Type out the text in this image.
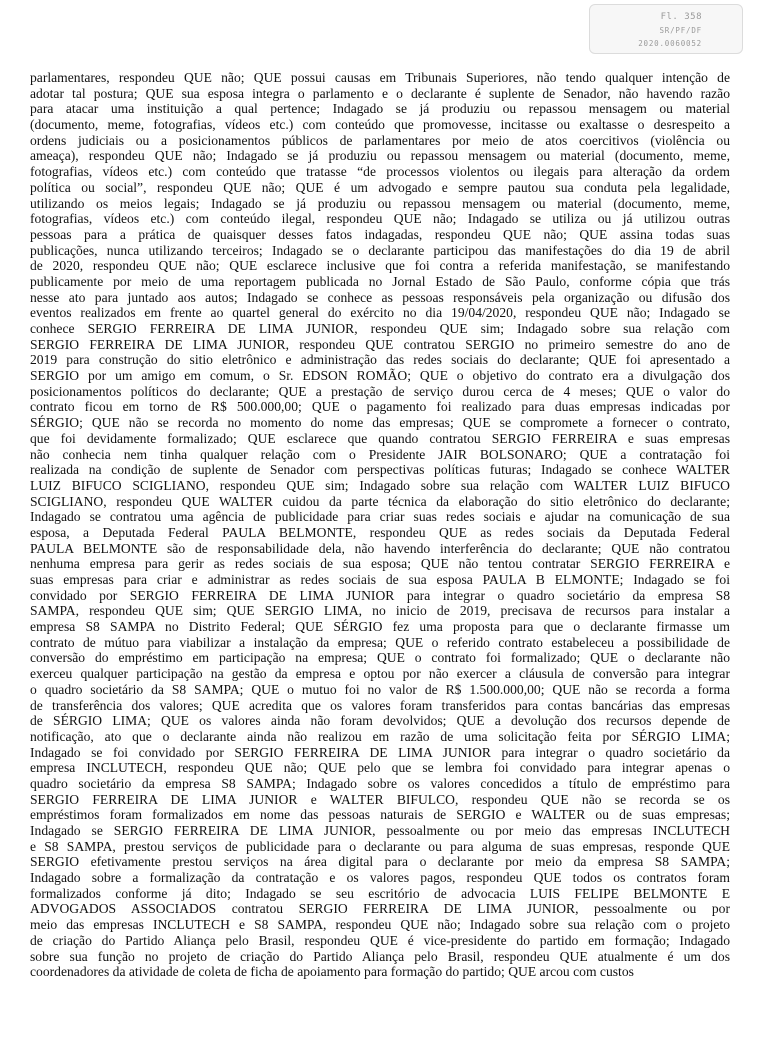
Fl. 358
SR/PF/DF
2020.0060052
parlamentares, respondeu QUE não; QUE possui causas em Tribunais Superiores, não tendo qualquer intenção de
adotar tal postura; QUE sua esposa integra o parlamento e o declarante é suplente de Senador, não havendo razão
para atacar uma instituição a qual pertence; Indagado se já produziu ou repassou mensagem ou material
(documento, meme, fotografias, vídeos etc.) com conteúdo que promovesse, incitasse ou exaltasse o desrespeito a
ordens judiciais ou a posicionamentos públicos de parlamentares por meio de atos coercitivos (violência ou
ameaça), respondeu QUE não; Indagado se já produziu ou repassou mensagem ou material (documento, meme,
fotografias, vídeos etc.) com conteúdo que tratasse “de processos violentos ou ilegais para alteração da ordem
política ou social”, respondeu QUE não; QUE é um advogado e sempre pautou sua conduta pela legalidade,
utilizando os meios legais; Indagado se já produziu ou repassou mensagem ou material (documento, meme,
fotografias, vídeos etc.) com conteúdo ilegal, respondeu QUE não; Indagado se utiliza ou já utilizou outras
pessoas para a prática de quaisquer desses fatos indagadas, respondeu QUE não; QUE assina todas suas
publicações, nunca utilizando terceiros; Indagado se o declarante participou das manifestações do dia 19 de abril
de 2020, respondeu QUE não; QUE esclarece inclusive que foi contra a referida manifestação, se manifestando
publicamente por meio de uma reportagem publicada no Jornal Estado de São Paulo, conforme cópia que trás
nesse ato para juntado aos autos; Indagado se conhece as pessoas responsáveis pela organização ou difusão dos
eventos realizados em frente ao quartel general do exército no dia 19/04/2020, respondeu QUE não; Indagado se
conhece SERGIO FERREIRA DE LIMA JUNIOR, respondeu QUE sim; Indagado sobre sua relação com
SERGIO FERREIRA DE LIMA JUNIOR, respondeu QUE contratou SERGIO no primeiro semestre do ano de
2019 para construção do sitio eletrônico e administração das redes sociais do declarante; QUE foi apresentado a
SERGIO por um amigo em comum, o Sr. EDSON ROMÃO; QUE o objetivo do contrato era a divulgação dos
posicionamentos políticos do declarante; QUE a prestação de serviço durou cerca de 4 meses; QUE o valor do
contrato ficou em torno de R$ 500.000,00; QUE o pagamento foi realizado para duas empresas indicadas por
SÉRGIO; QUE não se recorda no momento do nome das empresas; QUE se compromete a fornecer o contrato,
que foi devidamente formalizado; QUE esclarece que quando contratou SERGIO FERREIRA e suas empresas
não conhecia nem tinha qualquer relação com o Presidente JAIR BOLSONARO; QUE a contratação foi
realizada na condição de suplente de Senador com perspectivas políticas futuras; Indagado se conhece WALTER
LUIZ BIFUCO SCIGLIANO, respondeu QUE sim; Indagado sobre sua relação com WALTER LUIZ BIFUCO
SCIGLIANO, respondeu QUE WALTER cuidou da parte técnica da elaboração do sitio eletrônico do declarante;
Indagado se contratou uma agência de publicidade para criar suas redes sociais e ajudar na comunicação de sua
esposa, a Deputada Federal PAULA BELMONTE, respondeu QUE as redes sociais da Deputada Federal
PAULA BELMONTE são de responsabilidade dela, não havendo interferência do declarante; QUE não contratou
nenhuma empresa para gerir as redes sociais de sua esposa; QUE não tentou contratar SERGIO FERREIRA e
suas empresas para criar e administrar as redes sociais de sua esposa PAULA B ELMONTE; Indagado se foi
convidado por SERGIO FERREIRA DE LIMA JUNIOR para integrar o quadro societário da empresa S8
SAMPA, respondeu QUE sim; QUE SERGIO LIMA, no inicio de 2019, precisava de recursos para instalar a
empresa S8 SAMPA no Distrito Federal; QUE SÉRGIO fez uma proposta para que o declarante firmasse um
contrato de mútuo para viabilizar a instalação da empresa; QUE o referido contrato estabeleceu a possibilidade de
conversão do empréstimo em participação na empresa; QUE o contrato foi formalizado; QUE o declarante não
exerceu qualquer participação na gestão da empresa e optou por não exercer a cláusula de conversão para integrar
o quadro societário da S8 SAMPA; QUE o mutuo foi no valor de R$ 1.500.000,00; QUE não se recorda a forma
de transferência dos valores; QUE acredita que os valores foram transferidos para contas bancárias das empresas
de SÉRGIO LIMA; QUE os valores ainda não foram devolvidos; QUE a devolução dos recursos depende de
notificação, ato que o declarante ainda não realizou em razão de uma solicitação feita por SÉRGIO LIMA;
Indagado se foi convidado por SERGIO FERREIRA DE LIMA JUNIOR para integrar o quadro societário da
empresa INCLUTECH, respondeu QUE não; QUE pelo que se lembra foi convidado para integrar apenas o
quadro societário da empresa S8 SAMPA; Indagado sobre os valores concedidos a título de empréstimo para
SERGIO FERREIRA DE LIMA JUNIOR e WALTER BIFULCO, respondeu QUE não se recorda se os
empréstimos foram formalizados em nome das pessoas naturais de SERGIO e WALTER ou de suas empresas;
Indagado se SERGIO FERREIRA DE LIMA JUNIOR, pessoalmente ou por meio das empresas INCLUTECH
e S8 SAMPA, prestou serviços de publicidade para o declarante ou para alguma de suas empresas, responde QUE
SERGIO efetivamente prestou serviços na área digital para o declarante por meio da empresa S8 SAMPA;
Indagado sobre a formalização da contratação e os valores pagos, respondeu QUE todos os contratos foram
formalizados conforme já dito; Indagado se seu escritório de advocacia LUIS FELIPE BELMONTE E
ADVOGADOS ASSOCIADOS contratou SERGIO FERREIRA DE LIMA JUNIOR, pessoalmente ou por
meio das empresas INCLUTECH e S8 SAMPA, respondeu QUE não; Indagado sobre sua relação com o projeto
de criação do Partido Aliança pelo Brasil, respondeu QUE é vice-presidente do partido em formação; Indagado
sobre sua função no projeto de criação do Partido Aliança pelo Brasil, respondeu QUE atualmente é um dos
coordenadores da atividade de coleta de ficha de apoiamento para formação do partido; QUE arcou com custos
